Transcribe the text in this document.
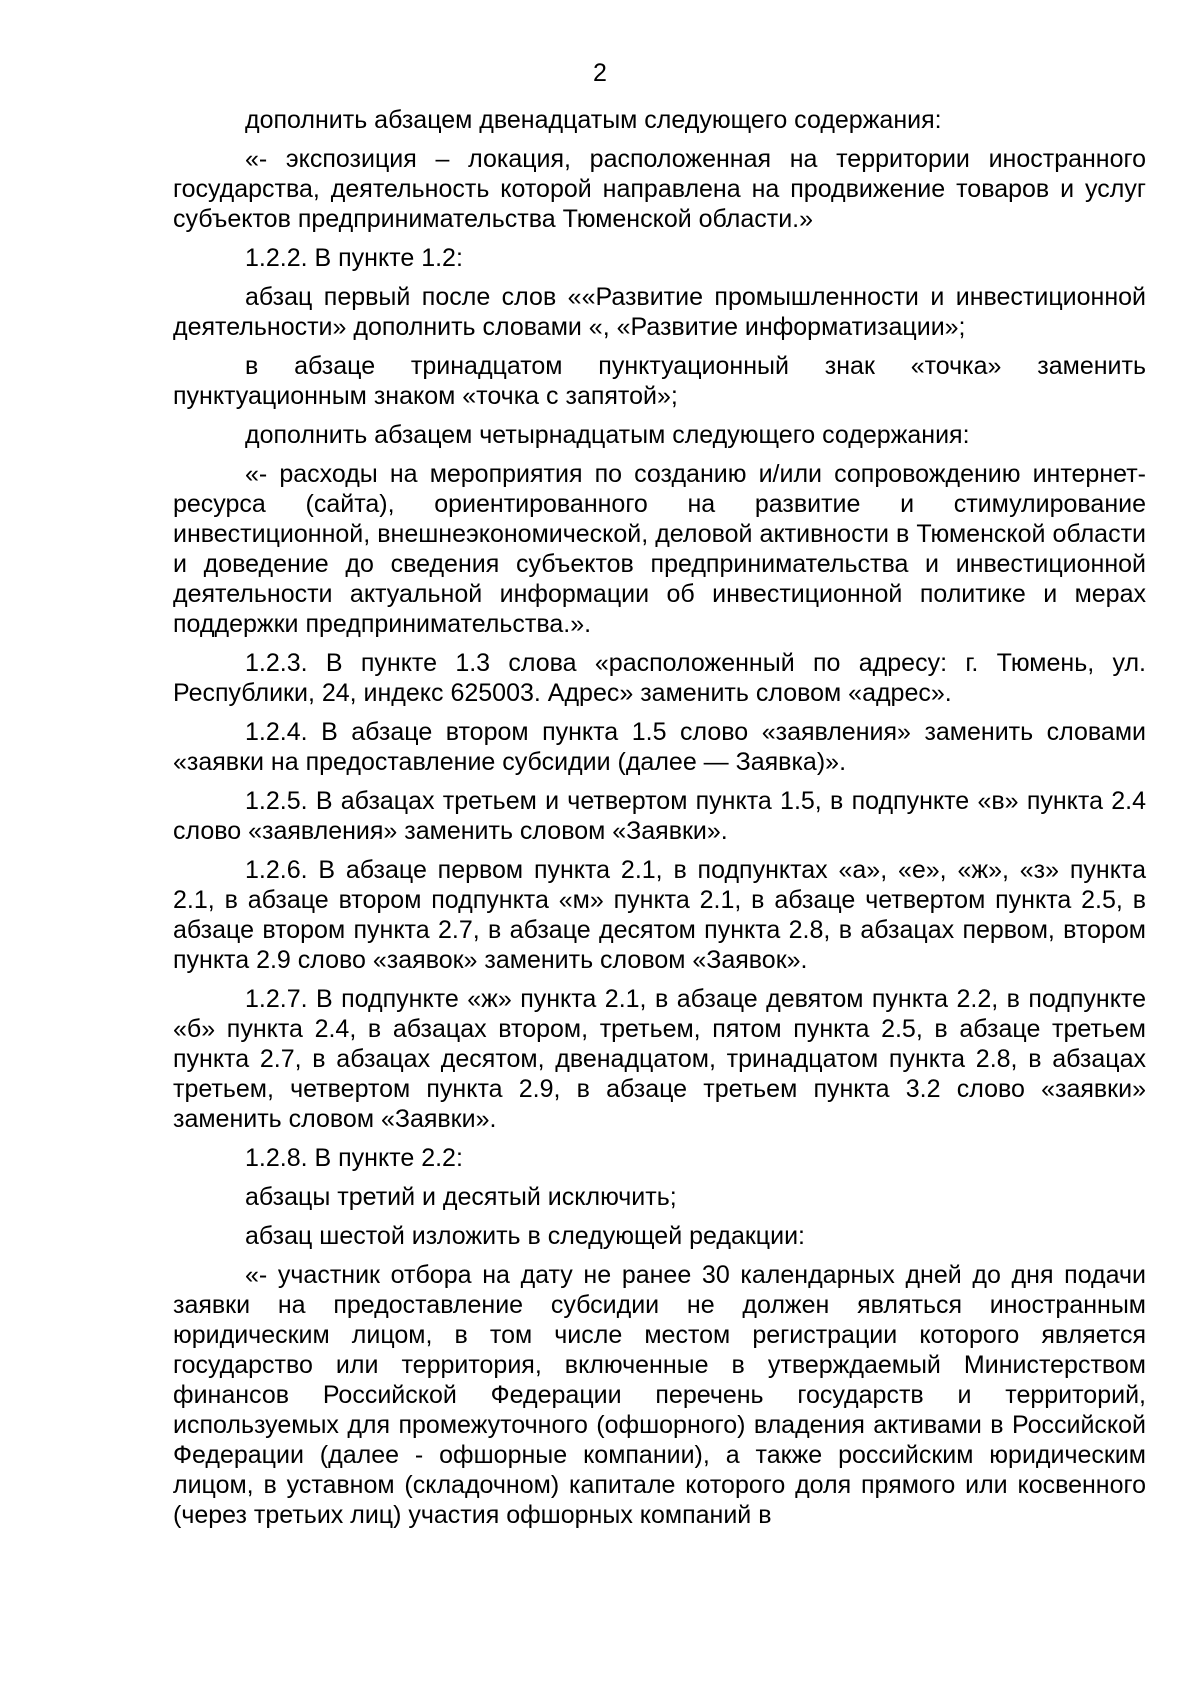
2

дополнить абзацем двенадцатым следующего содержания:

«- экспозиция – локация, расположенная на территории иностранного государства, деятельность которой направлена на продвижение товаров и услуг субъектов предпринимательства Тюменской области.»

1.2.2. В пункте 1.2:

абзац первый после слов ««Развитие промышленности и инвестиционной деятельности» дополнить словами «, «Развитие информатизации»;

в абзаце тринадцатом пунктуационный знак «точка» заменить пунктуационным знаком «точка с запятой»;

дополнить абзацем четырнадцатым следующего содержания:

«- расходы на мероприятия по созданию и/или сопровождению интернет-ресурса (сайта), ориентированного на развитие и стимулирование инвестиционной, внешнеэкономической, деловой активности в Тюменской области и доведение до сведения субъектов предпринимательства и инвестиционной деятельности актуальной информации об инвестиционной политике и мерах поддержки предпринимательства.».

1.2.3. В пункте 1.3 слова «расположенный по адресу: г. Тюмень, ул. Республики, 24, индекс 625003. Адрес» заменить словом «адрес».

1.2.4. В абзаце втором пункта 1.5 слово «заявления» заменить словами «заявки на предоставление субсидии (далее — Заявка)».

1.2.5. В абзацах третьем и четвертом пункта 1.5, в подпункте «в» пункта 2.4 слово «заявления» заменить словом «Заявки».

1.2.6. В абзаце первом пункта 2.1, в подпунктах «а», «е», «ж», «з» пункта 2.1, в абзаце втором подпункта «м» пункта 2.1, в абзаце четвертом пункта 2.5, в абзаце втором пункта 2.7, в абзаце десятом пункта 2.8, в абзацах первом, втором пункта 2.9 слово «заявок» заменить словом «Заявок».

1.2.7. В подпункте «ж» пункта 2.1, в абзаце девятом пункта 2.2, в подпункте «б» пункта 2.4, в абзацах втором, третьем, пятом пункта 2.5, в абзаце третьем пункта 2.7, в абзацах десятом, двенадцатом, тринадцатом пункта 2.8, в абзацах третьем, четвертом пункта 2.9, в абзаце третьем пункта 3.2 слово «заявки» заменить словом «Заявки».

1.2.8. В пункте 2.2:

абзацы третий и десятый исключить;

абзац шестой изложить в следующей редакции:

«- участник отбора на дату не ранее 30 календарных дней до дня подачи заявки на предоставление субсидии не должен являться иностранным юридическим лицом, в том числе местом регистрации которого является государство или территория, включенные в утверждаемый Министерством финансов Российской Федерации перечень государств и территорий, используемых для промежуточного (офшорного) владения активами в Российской Федерации (далее - офшорные компании), а также российским юридическим лицом, в уставном (складочном) капитале которого доля прямого или косвенного (через третьих лиц) участия офшорных компаний в
